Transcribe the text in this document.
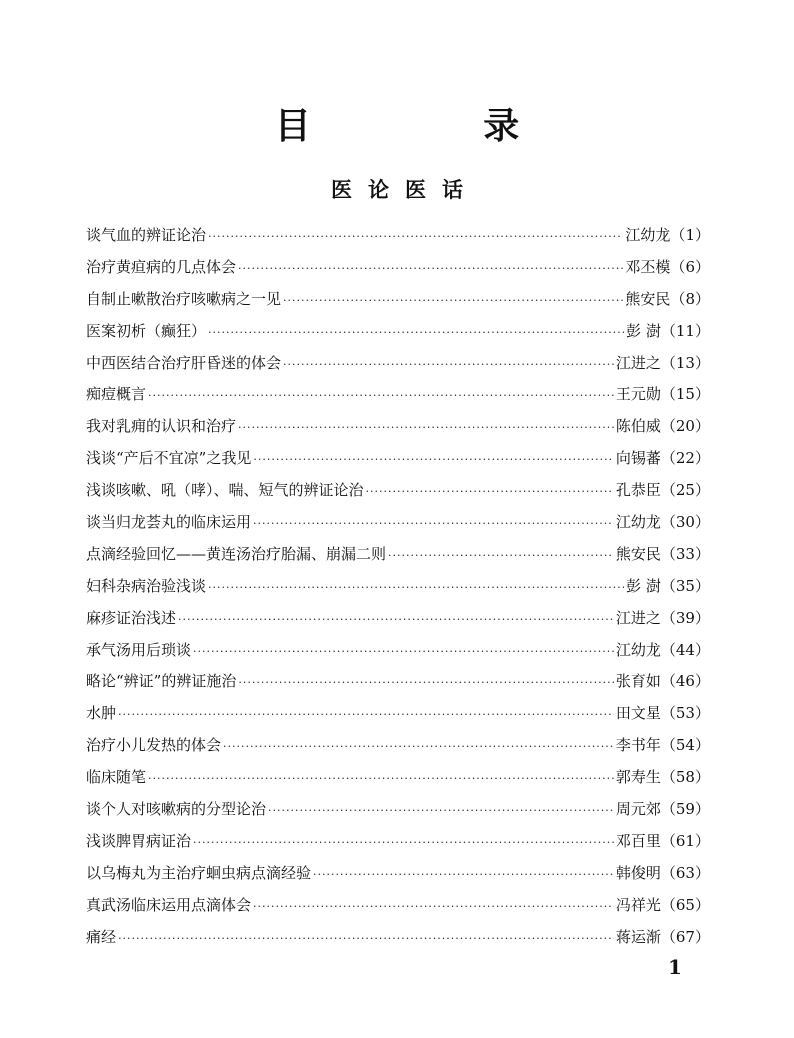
目 录
医论医话
谈气血的辨证论治 ·····	江幼龙 （1）
治疗黄疸病的几点体会 ·····	邓丕模 （6）
自制止嗽散治疗咳嗽病之一见 ·····	熊安民 （8）
医案初析（癫狂） ·····	彭 澍 （11）
中西医结合治疗肝昏迷的体会 ·····	江进之 （13）
痴痘概言 ·····	王元勋 （15）
我对乳痈的认识和治疗 ·····	陈伯威 （20）
浅谈“产后不宜凉”之我见 ·····	向锡蕃 （22）
浅谈咳嗽、吼（哮）、喘、短气的辨证论治 ·····	孔恭臣 （25）
谈当归龙荟丸的临床运用 ·····	江幼龙 （30）
点滴经验回忆——黄连汤治疗胎漏、崩漏二则 ·····	熊安民 （33）
妇科杂病治验浅谈 ·····	彭 澍 （35）
麻疹证治浅述 ·····	江进之 （39）
承气汤用后琐谈 ·····	江幼龙 （44）
略论“辨证”的辨证施治 ·····	张育如 （46）
水肿 ·····	田文星 （53）
治疗小儿发热的体会 ·····	李书年 （54）
临床随笔 ·····	郭寿生 （58）
谈个人对咳嗽病的分型论治 ·····	周元郊 （59）
浅谈脾胃病证治 ·····	邓百里 （61）
以乌梅丸为主治疗蛔虫病点滴经验 ·····	韩俊明 （63）
真武汤临床运用点滴体会 ·····	冯祥光 （65）
痛经 ·····	蒋运渐 （67）
1
